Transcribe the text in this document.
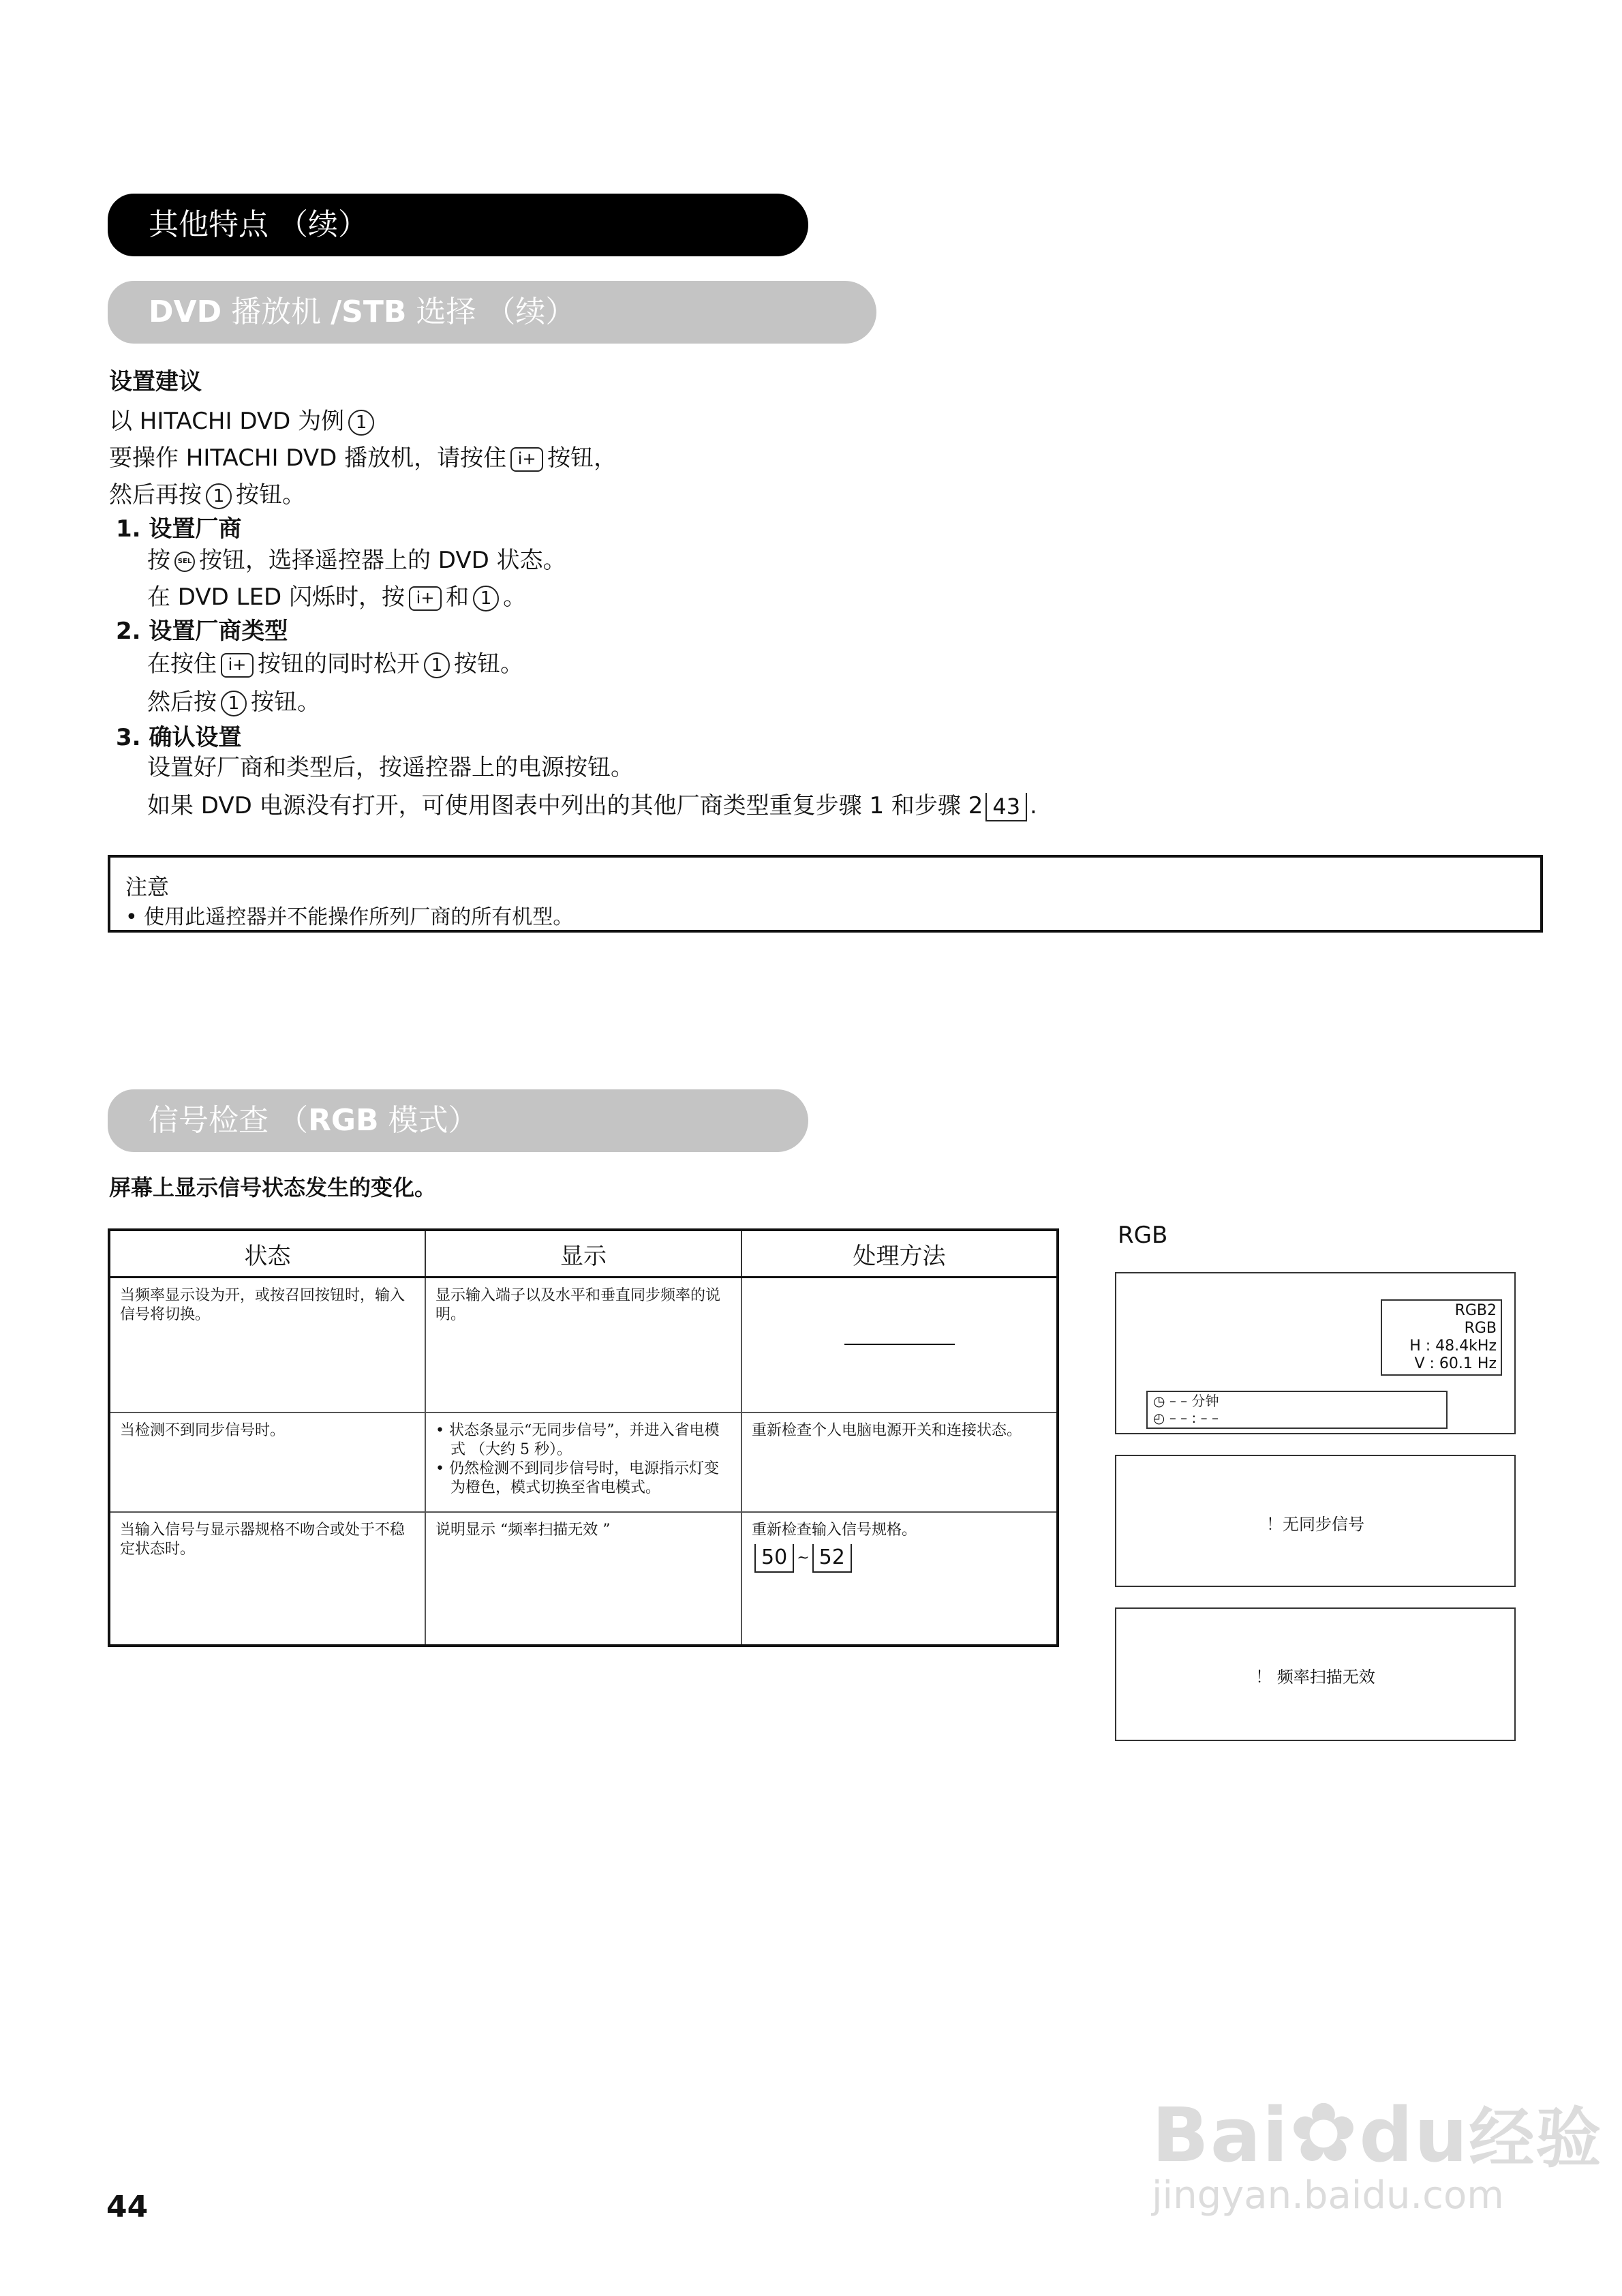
其他特点 （续）
DVD 播放机 /STB 选择 （续）
设置建议
以 HITACHI DVD 为例 1
要操作 HITACHI DVD 播放机，请按住 i+ 按钮，
然后再按 1 按钮。
1. 设置厂商
按 SEL 按钮，选择遥控器上的 DVD 状态。
在 DVD LED 闪烁时，按 i+ 和 1 。
2. 设置厂商类型
在按住 i+ 按钮的同时松开 1 按钮。
然后按 1 按钮。
3. 确认设置
设置好厂商和类型后，按遥控器上的电源按钮。
如果 DVD 电源没有打开，可使用图表中列出的其他厂商类型重复步骤 1 和步骤 2 43 .
注意
• 使用此遥控器并不能操作所列厂商的所有机型。
信号检查 （RGB 模式）
屏幕上显示信号状态发生的变化。
状态	显示	处理方法
当频率显示设为开，或按召回按钮时，输入信号将切换。	显示输入端子以及水平和垂直同步频率的说明。	

当检测不到同步信号时。	• 状态条显示“无同步信号”，并进入省电模式 （大约 5 秒）。
• 仍然检测不到同步信号时，电源指示灯变为橙色，模式切换至省电模式。	重新检查个人电脑电源开关和连接状态。
当输入信号与显示器规格不吻合或处于不稳定状态时。	说明显示 “频率扫描无效 ”	重新检查输入信号规格。
50 ~ 52
RGB
RGB2
RGB
H : 48.4kHz
V : 60.1 Hz
◷ – – 分钟
◴ – – : – –
！无同步信号
！ 频率扫描无效
44
Bai✿du经验
jingyan.baidu.com
